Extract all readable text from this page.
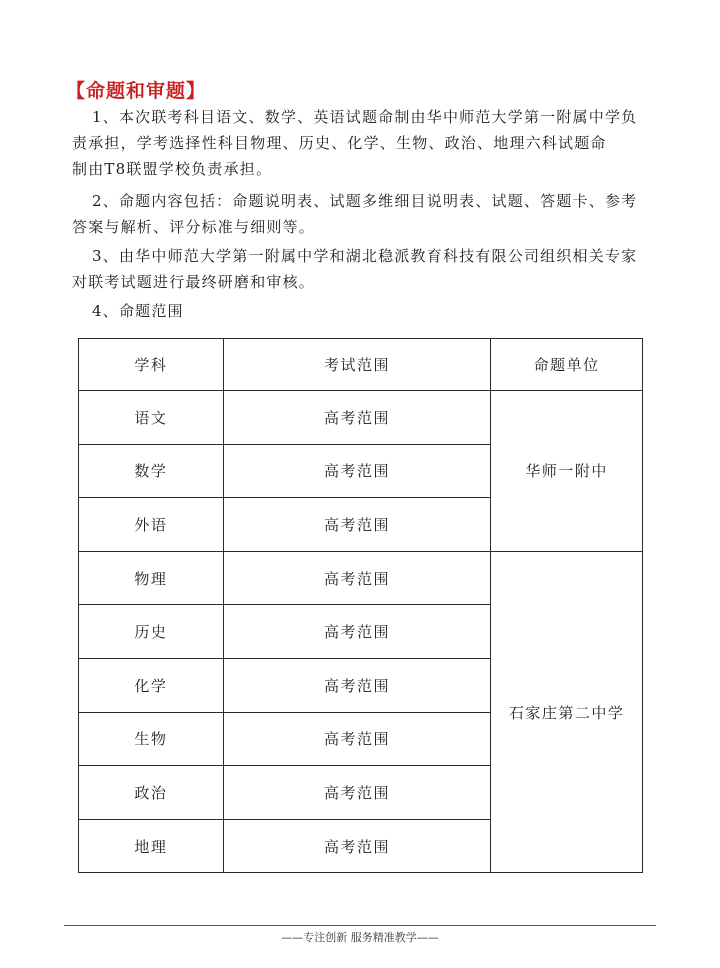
【命题和审题】
1、本次联考科目语文、数学、英语试题命制由华中师范大学第一附属中学负
责承担，学考选择性科目物理、历史、化学、生物、政治、地理六科试题命
制由T8联盟学校负责承担。
2、命题内容包括：命题说明表、试题多维细目说明表、试题、答题卡、参考
答案与解析、评分标准与细则等。
3、由华中师范大学第一附属中学和湖北稳派教育科技有限公司组织相关专家
对联考试题进行最终研磨和审核。
4、命题范围
学科	考试范围	命题单位
语文	高考范围	华师一附中
数学	高考范围	
外语	高考范围	
物理	高考范围	石家庄第二中学
历史	高考范围	
化学	高考范围	
生物	高考范围	
政治	高考范围	
地理	高考范围	
——专注创新 服务精准教学——
